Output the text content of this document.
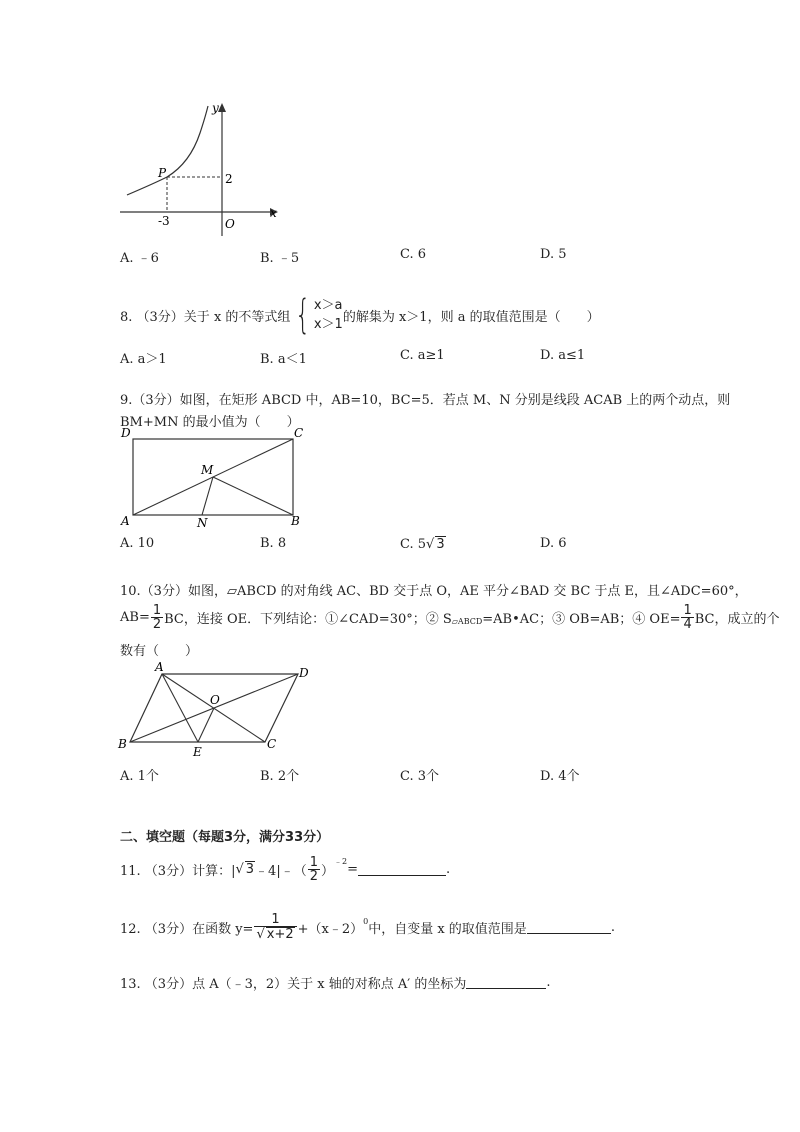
y
x
P	2
-3	O
A. ﹣6	B. ﹣5	C. 6	D. 5
8. （3分）关于 x 的不等式组 { x＞a
x＞1 的解集为 x＞1，则 a 的取值范围是（　　）
A. a＞1	B. a＜1	C. a≥1	D. a≤1
9.（3分）如图，在矩形 ABCD 中，AB=10，BC=5．若点 M、N 分别是线段 ACAB 上的两个动点，则
BM+MN 的最小值为（　　）
D	C
M
A	N	B
A. 10	B. 8	C. 5√ 3	D. 6
10.（3分）如图，▱ABCD 的对角线 AC、BD 交于点 O，AE 平分∠BAD 交 BC 于点 E，且∠ADC=60°，
$AB= \frac{1}{2}$ BC，连接 OE．下列结论：①∠CAD=30°；② S ▱ABCD =AB•AC；③ OB=AB；④ $OE= \frac{1}{4}$ BC，成立的个
数有（　　）
A	D
O
B
E
C
A. 1个	B. 2个	C. 3个	D. 4个
二、填空题（每题3分，满分33分）
11. （3分）计算：| √ 3 ﹣4|﹣（ $\frac{1}{2}$ ）
﹣2
=	.
12. （3分）在函数 $y= \frac{1}{√ x+2}$ +（x﹣2）
0
中，自变量 x 的取值范围是	.
13. （3分）点 A（﹣3，2）关于 x 轴的对称点 A′ 的坐标为	.
